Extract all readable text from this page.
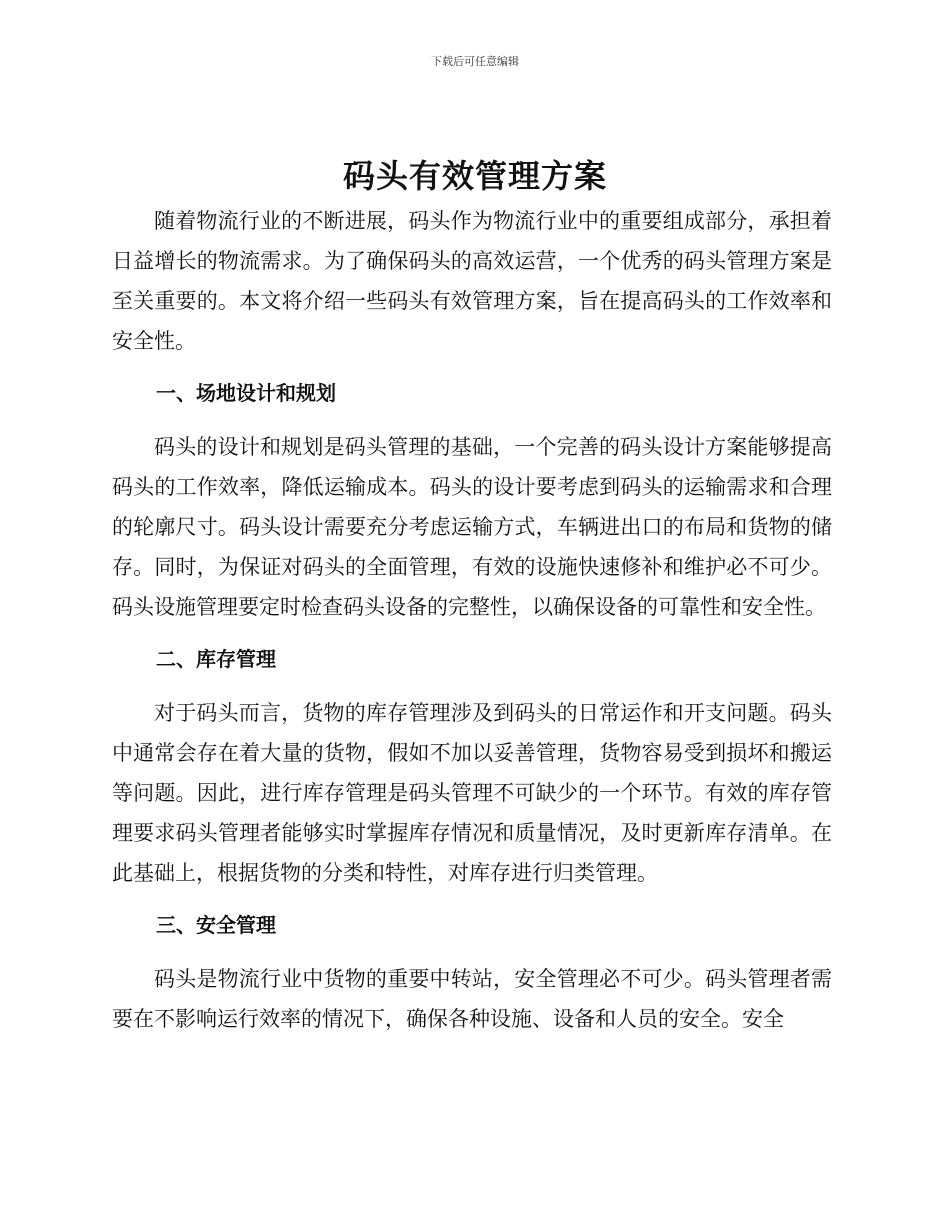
下载后可任意编辑
码头有效管理方案

随着物流行业的不断进展，码头作为物流行业中的重要组成部分，承担着日益增长的物流需求。为了确保码头的高效运营，一个优秀的码头管理方案是至关重要的。本文将介绍一些码头有效管理方案，旨在提高码头的工作效率和安全性。

一、场地设计和规划

码头的设计和规划是码头管理的基础，一个完善的码头设计方案能够提高码头的工作效率，降低运输成本。码头的设计要考虑到码头的运输需求和合理的轮廓尺寸。码头设计需要充分考虑运输方式，车辆进出口的布局和货物的储存。同时，为保证对码头的全面管理，有效的设施快速修补和维护必不可少。码头设施管理要定时检查码头设备的完整性，以确保设备的可靠性和安全性。

二、库存管理

对于码头而言，货物的库存管理涉及到码头的日常运作和开支问题。码头中通常会存在着大量的货物，假如不加以妥善管理，货物容易受到损坏和搬运等问题。因此，进行库存管理是码头管理不可缺少的一个环节。有效的库存管理要求码头管理者能够实时掌握库存情况和质量情况，及时更新库存清单。在此基础上，根据货物的分类和特性，对库存进行归类管理。

三、安全管理

码头是物流行业中货物的重要中转站，安全管理必不可少。码头管理者需要在不影响运行效率的情况下，确保各种设施、设备和人员的安全。安全
